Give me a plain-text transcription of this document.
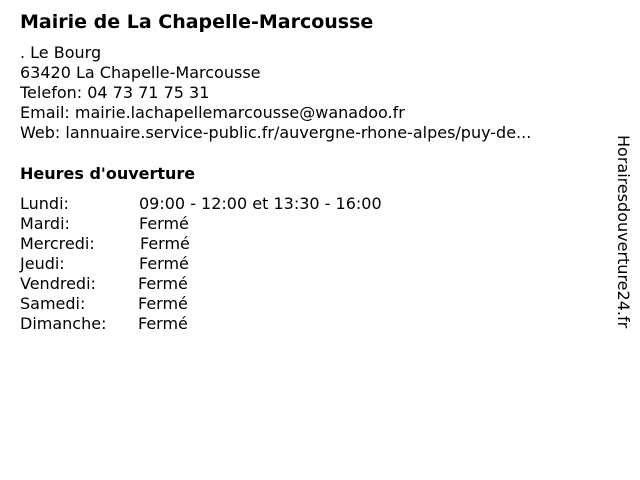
Mairie de La Chapelle-Marcousse
. Le Bourg
63420 La Chapelle-Marcousse
Telefon: 04 73 71 75 31
Email: mairie.lachapellemarcousse@wanadoo.fr
Web: lannuaire.service-public.fr/auvergne-rhone-alpes/puy-de...
Heures d'ouverture
Lundi:	09:00 - 12:00 et 13:30 - 16:00
Mardi:	Fermé
Mercredi:	Fermé
Jeudi:	Fermé
Vendredi:	Fermé
Samedi:	Fermé
Dimanche:	Fermé	Horairesdouverture24.fr
